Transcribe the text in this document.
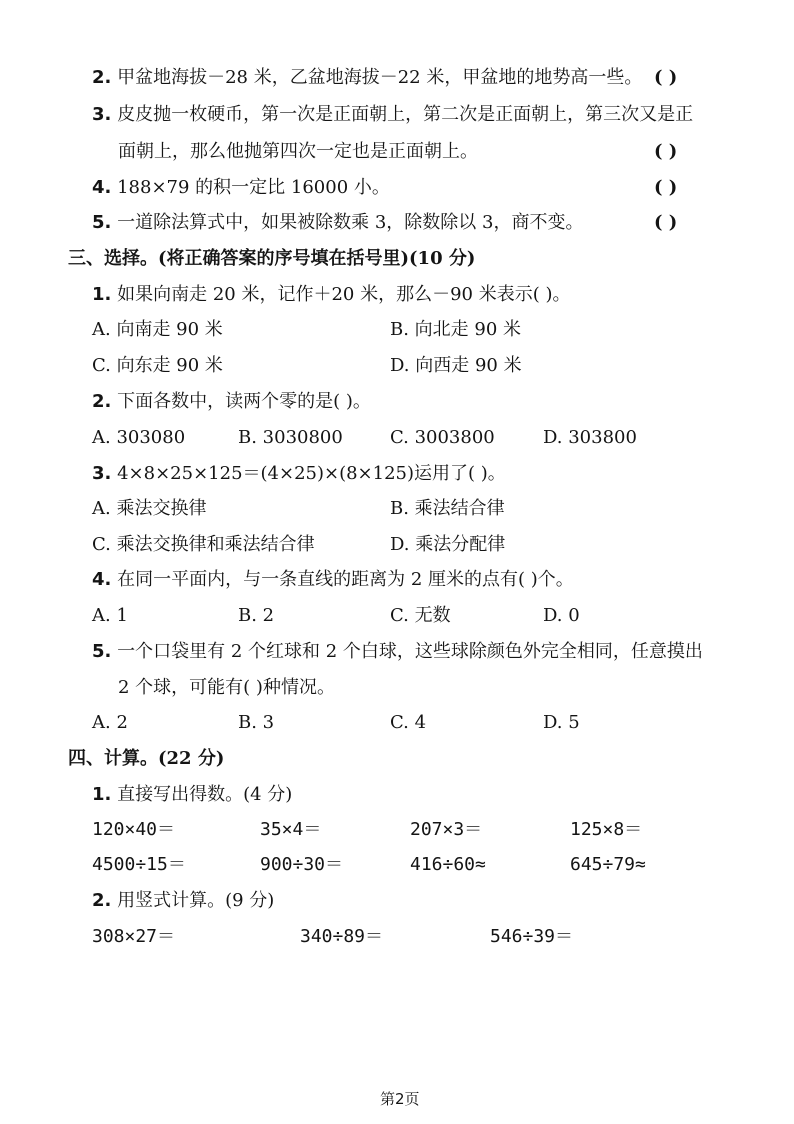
2. 甲盆地海拔－28 米，乙盆地海拔－22 米，甲盆地的地势高一些。 ( )
3. 皮皮抛一枚硬币，第一次是正面朝上，第二次是正面朝上，第三次又是正
面朝上，那么他抛第四次一定也是正面朝上。	( )
4. 188×79 的积一定比 16000 小。	( )
5. 一道除法算式中，如果被除数乘 3，除数除以 3，商不变。	( )
三、选择。(将正确答案的序号填在括号里)(10 分)
1. 如果向南走 20 米，记作＋20 米，那么－90 米表示( )。
A. 向南走 90 米	B. 向北走 90 米
C. 向东走 90 米	D. 向西走 90 米
2. 下面各数中，读两个零的是( )。
A. 303080	B. 3030800	C. 3003800	D. 303800
3. 4×8×25×125＝(4×25)×(8×125)运用了( )。
A. 乘法交换律	B. 乘法结合律
C. 乘法交换律和乘法结合律	D. 乘法分配律
4. 在同一平面内，与一条直线的距离为 2 厘米的点有( )个。
A. 1	B. 2	C. 无数	D. 0
5. 一个口袋里有 2 个红球和 2 个白球，这些球除颜色外完全相同，任意摸出
2 个球，可能有( )种情况。
A. 2	B. 3	C. 4	D. 5
四、计算。(22 分)
1. 直接写出得数。(4 分)
120×40＝	35×4＝	207×3＝	125×8＝
4500÷15＝	900÷30＝	416÷60≈	645÷79≈
2. 用竖式计算。(9 分)
308×27＝	340÷89＝	546÷39＝
第2页
